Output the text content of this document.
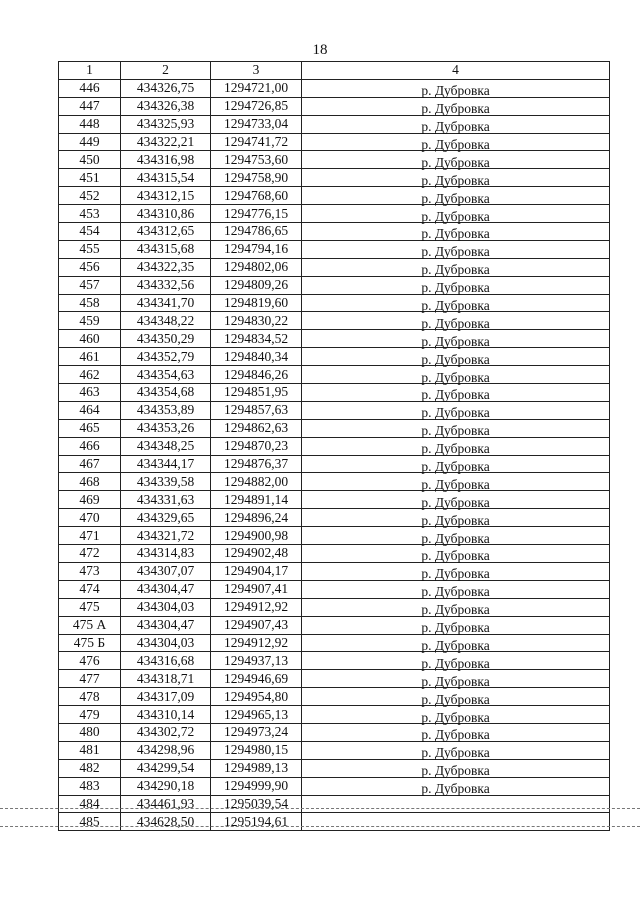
18
1	2	3	4
446	434326,75	1294721,00	р. Дубровка
447	434326,38	1294726,85	р. Дубровка
448	434325,93	1294733,04	р. Дубровка
449	434322,21	1294741,72	р. Дубровка
450	434316,98	1294753,60	р. Дубровка
451	434315,54	1294758,90	р. Дубровка
452	434312,15	1294768,60	р. Дубровка
453	434310,86	1294776,15	р. Дубровка
454	434312,65	1294786,65	р. Дубровка
455	434315,68	1294794,16	р. Дубровка
456	434322,35	1294802,06	р. Дубровка
457	434332,56	1294809,26	р. Дубровка
458	434341,70	1294819,60	р. Дубровка
459	434348,22	1294830,22	р. Дубровка
460	434350,29	1294834,52	р. Дубровка
461	434352,79	1294840,34	р. Дубровка
462	434354,63	1294846,26	р. Дубровка
463	434354,68	1294851,95	р. Дубровка
464	434353,89	1294857,63	р. Дубровка
465	434353,26	1294862,63	р. Дубровка
466	434348,25	1294870,23	р. Дубровка
467	434344,17	1294876,37	р. Дубровка
468	434339,58	1294882,00	р. Дубровка
469	434331,63	1294891,14	р. Дубровка
470	434329,65	1294896,24	р. Дубровка
471	434321,72	1294900,98	р. Дубровка
472	434314,83	1294902,48	р. Дубровка
473	434307,07	1294904,17	р. Дубровка
474	434304,47	1294907,41	р. Дубровка
475	434304,03	1294912,92	р. Дубровка
475 А	434304,47	1294907,43	р. Дубровка
475 Б	434304,03	1294912,92	р. Дубровка
476	434316,68	1294937,13	р. Дубровка
477	434318,71	1294946,69	р. Дубровка
478	434317,09	1294954,80	р. Дубровка
479	434310,14	1294965,13	р. Дубровка
480	434302,72	1294973,24	р. Дубровка
481	434298,96	1294980,15	р. Дубровка
482	434299,54	1294989,13	р. Дубровка
483	434290,18	1294999,90	р. Дубровка
484	434461,93	1295039,54	
485	434628,50	1295194,61	
